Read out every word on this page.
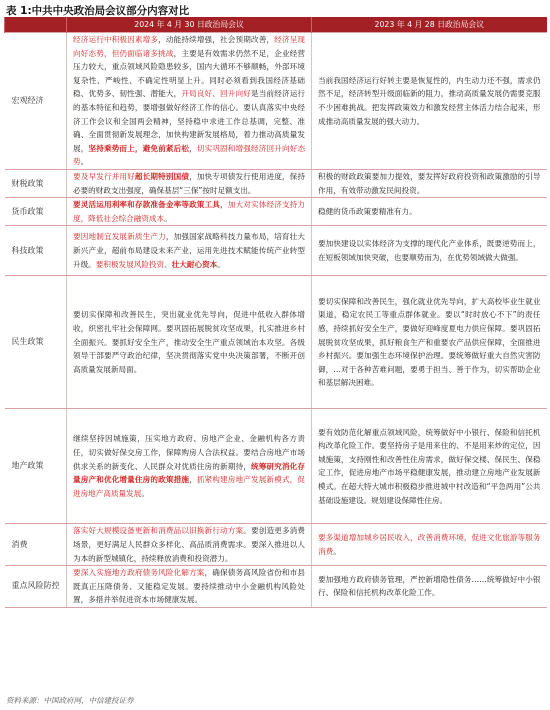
表 1:中共中央政治局会议部分内容对比
	2024 年 4 月 30 日政治局会议	2023 年 4 月 28 日政治局会议
宏观经济	经济运行中积极因素增多，动能持续增强，社会预期改善，经济呈现向好态势，但仍面临诸多挑战，主要是有效需求仍然不足，企业经营压力较大，重点领域风险隐患较多，国内大循环不够顺畅，外部环境复杂性、严峻性、不确定性明显上升。同时必须看到我国经济基础稳、优势多、韧性强、潜能大，开局良好、回升向好是当前经济运行的基本特征和趋势，要增强做好经济工作的信心。要认真落实中央经济工作会议和全国两会精神，坚持稳中求进工作总基调，完整、准确、全面贯彻新发展理念，加快构建新发展格局，着力推动高质量发展，坚持乘势而上，避免前紧后松，切实巩固和增强经济回升向好态势。	当前我国经济运行好转主要是恢复性的，内生动力还不强，需求仍然不足，经济转型升级面临新的阻力，推动高质量发展仍需要克服不少困难挑战。把发挥政策效力和激发经营主体活力结合起来，形成推动高质量发展的强大动力。
财税政策	要及早发行并用好超长期特别国债，加快专项债发行使用进度，保持必要的财政支出强度，确保基层“三保”按时足额支出。	积极的财政政策要加力提效，要发挥好政府投资和政策激励的引导作用，有效带动激发民间投资。
货币政策	要灵活运用利率和存款准备金率等政策工具，加大对实体经济支持力度，降低社会综合融资成本。	稳健的货币政策要精准有力。
科技政策	要因地制宜发展新质生产力，加强国家战略科技力量布局，培育壮大新兴产业，超前布局建设未来产业，运用先进技术赋能传统产业转型升级。要积极发展风险投资、壮大耐心资本。	要加快建设以实体经济为支撑的现代化产业体系，既要逆势而上，在短板领域加快突破，也要顺势而为，在优势领域做大做强。
民生政策	要切实保障和改善民生，突出就业优先导向，促进中低收入群体增收，织密扎牢社会保障网。要巩固拓展脱贫攻坚成果，扎实推进乡村全面振兴。要抓好安全生产，推动安全生产重点领域治本攻坚。各级领导干部要严守政治纪律，坚决贯彻落实党中央决策部署，不断开创高质量发展新局面。	要切实保障和改善民生，强化就业优先导向，扩大高校毕业生就业渠道，稳定农民工等重点群体就业。要以“时时放心不下”的责任感，持续抓好安全生产，要做好迎峰度夏电力供应保障。要巩固拓展脱贫攻坚成果，抓好粮食生产和重要农产品供应保障，全面推进乡村振兴。要加强生态环境保护治理。要统筹做好重大自然灾害防御，…对于各种苦难问题，要勇于担当、善于作为，切实帮助企业和基层解决困难。
地产政策	继续坚持因城施策，压实地方政府、房地产企业、金融机构各方责任，切实做好保交房工作，保障购房人合法权益。要结合房地产市场供求关系的新变化、人民群众对优质住房的新期待，统筹研究消化存量房产和优化增量住房的政策措施，抓紧构建房地产发展新模式，促进房地产高质量发展。	要有效防范化解重点领域风险，统筹做好中小银行、保险和信托机构改革化险工作。要坚持房子是用来住的、不是用来炒的定位，因城施策，支持刚性和改善性住房需求，做好保交楼、保民生、保稳定工作，促进房地产市场平稳健康发展，推动建立房地产业发展新模式。在超大特大城市积极稳步推进城中村改造和“平急两用”公共基础设施建设。规划建设保障性住房。
消费	落实好大规模设备更新和消费品以旧换新行动方案。要创造更多消费场景，更好满足人民群众多样化、高品质消费需求。要深入推进以人为本的新型城镇化，持续释放消费和投资潜力。	要多渠道增加城乡居民收入，改善消费环境，促进文化旅游等服务消费。
重点风险防控	要深入实施地方政府债务风险化解方案，确保债务高风险省份和市县既真正压降债务、又能稳定发展。要持续推动中小金融机构风险处置，多措并举促进资本市场健康发展。	要加强地方政府债务管理，严控新增隐性债务……统筹做好中小银行、保险和信托机构改革化险工作。
资料来源：中国政府网，中信建投证券
